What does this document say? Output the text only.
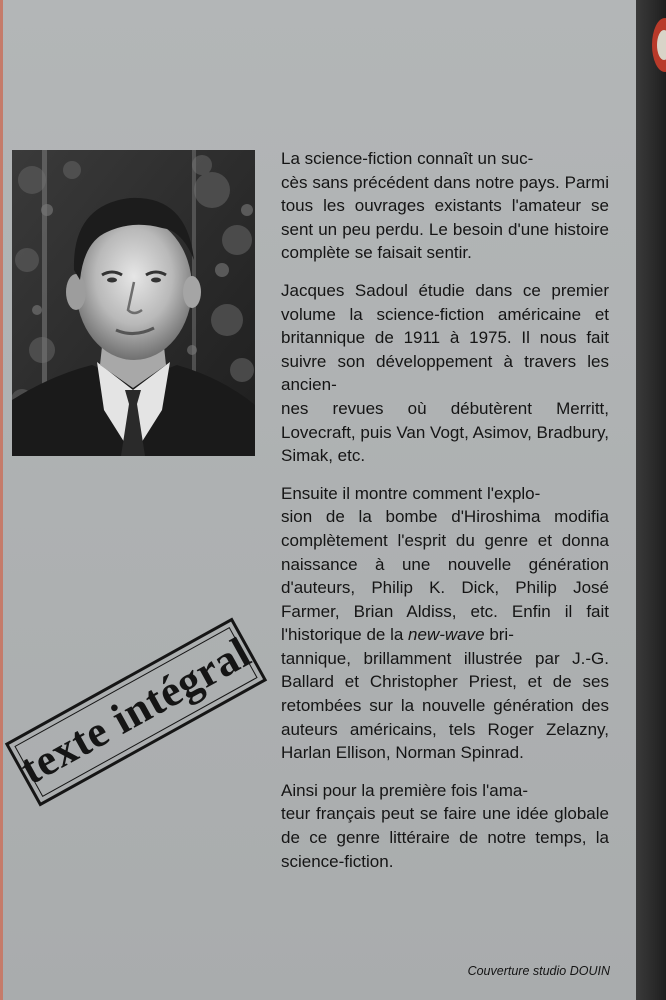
La science-fiction connaît un suc-
cès sans précédent dans notre pays. Parmi tous les ouvrages existants l'amateur se sent un peu perdu. Le besoin d'une histoire complète se faisait sentir.

Jacques Sadoul étudie dans ce premier volume la science-fiction américaine et britannique de 1911 à 1975. Il nous fait suivre son développement à travers les ancien-
nes revues où débutèrent Merritt, Lovecraft, puis Van Vogt, Asimov, Bradbury, Simak, etc.

Ensuite il montre comment l'explo-
sion de la bombe d'Hiroshima modifia complètement l'esprit du genre et donna naissance à une nouvelle génération d'auteurs, Philip K. Dick, Philip José Farmer, Brian Aldiss, etc. Enfin il fait l'historique de la new-wave bri-
tannique, brillamment illustrée par J.-G. Ballard et Christopher Priest, et de ses retombées sur la nouvelle génération des auteurs américains, tels Roger Zelazny, Harlan Ellison, Norman Spinrad.

Ainsi pour la première fois l'ama-
teur français peut se faire une idée globale de ce genre littéraire de notre temps, la science-fiction.

texte intégral
Couverture studio DOUIN
